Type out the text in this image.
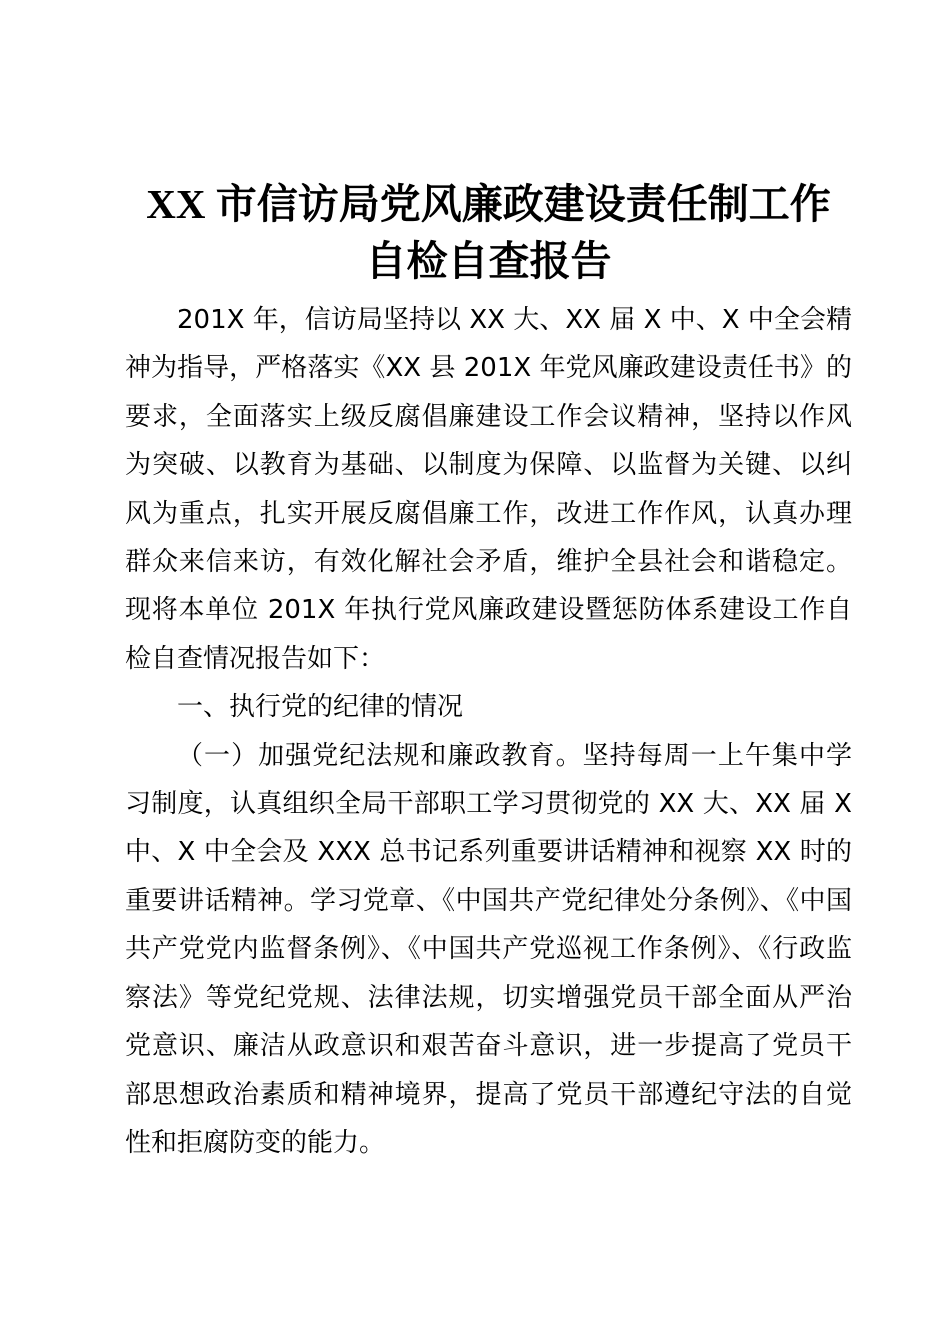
XX 市信访局党风廉政建设责任制工作
自检自查报告

201X 年，信访局坚持以 XX 大、XX 届 X 中、X 中全会精神为指导，严格落实《XX 县 201X 年党风廉政建设责任书》的要求，全面落实上级反腐倡廉建设工作会议精神，坚持以作风为突破、以教育为基础、以制度为保障、以监督为关键、以纠风为重点，扎实开展反腐倡廉工作，改进工作作风，认真办理群众来信来访，有效化解社会矛盾，维护全县社会和谐稳定。现将本单位 201X 年执行党风廉政建设暨惩防体系建设工作自检自查情况报告如下：

一、执行党的纪律的情况

（一）加强党纪法规和廉政教育。坚持每周一上午集中学习制度，认真组织全局干部职工学习贯彻党的 XX 大、XX 届 X 中、X 中全会及 XXX 总书记系列重要讲话精神和视察 XX 时的重要讲话精神。学习党章、《中国共产党纪律处分条例》、《中国共产党党内监督条例》、《中国共产党巡视工作条例》、《行政监察法》等党纪党规、法律法规，切实增强党员干部全面从严治党意识、廉洁从政意识和艰苦奋斗意识，进一步提高了党员干部思想政治素质和精神境界，提高了党员干部遵纪守法的自觉性和拒腐防变的能力。
